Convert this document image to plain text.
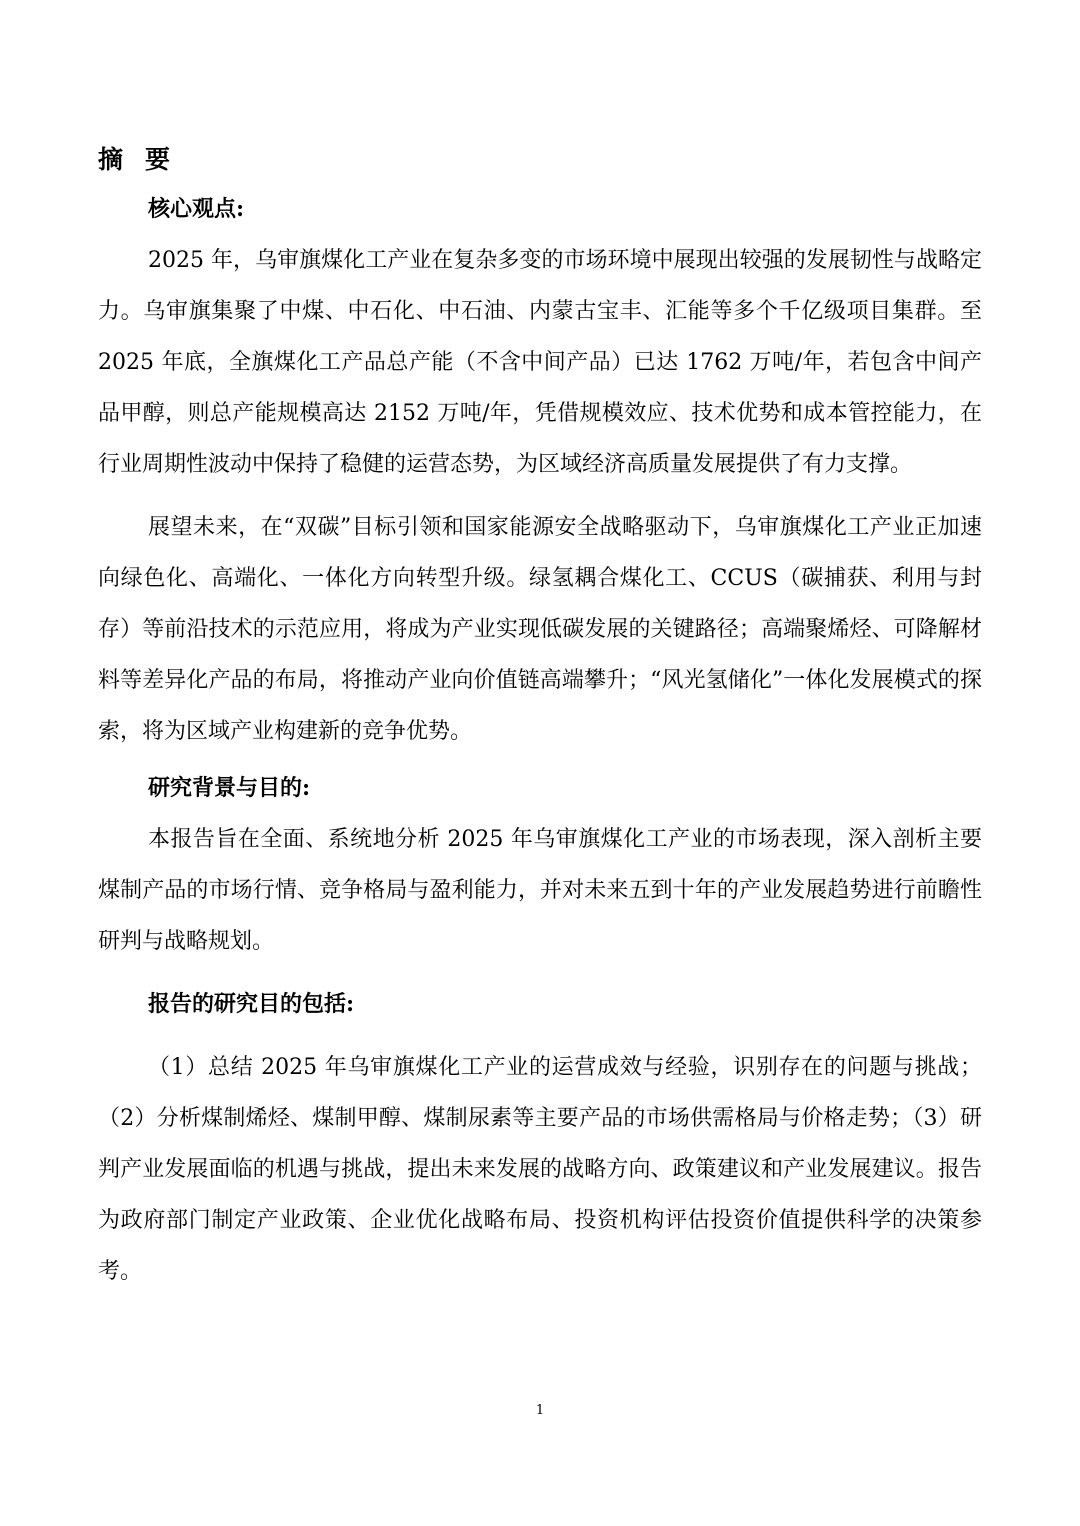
摘要

核心观点:

2025 年，乌审旗煤化工产业在复杂多变的市场环境中展现出较强的发展韧性与战略定力。乌审旗集聚了中煤、中石化、中石油、内蒙古宝丰、汇能等多个千亿级项目集群。至 2025 年底，全旗煤化工产品总产能（不含中间产品）已达 1762 万吨/年，若包含中间产品甲醇，则总产能规模高达 2152 万吨/年，凭借规模效应、技术优势和成本管控能力，在行业周期性波动中保持了稳健的运营态势，为区域经济高质量发展提供了有力支撑。

展望未来，在“双碳”目标引领和国家能源安全战略驱动下，乌审旗煤化工产业正加速向绿色化、高端化、一体化方向转型升级。绿氢耦合煤化工、CCUS（碳捕获、利用与封存）等前沿技术的示范应用，将成为产业实现低碳发展的关键路径；高端聚烯烃、可降解材料等差异化产品的布局，将推动产业向价值链高端攀升；“风光氢储化”一体化发展模式的探索，将为区域产业构建新的竞争优势。

研究背景与目的:

本报告旨在全面、系统地分析 2025 年乌审旗煤化工产业的市场表现，深入剖析主要煤制产品的市场行情、竞争格局与盈利能力，并对未来五到十年的产业发展趋势进行前瞻性研判与战略规划。

报告的研究目的包括:

（1）总结 2025 年乌审旗煤化工产业的运营成效与经验，识别存在的问题与挑战；（2）分析煤制烯烃、煤制甲醇、煤制尿素等主要产品的市场供需格局与价格走势；（3）研判产业发展面临的机遇与挑战，提出未来发展的战略方向、政策建议和产业发展建议。报告为政府部门制定产业政策、企业优化战略布局、投资机构评估投资价值提供科学的决策参考。

1
